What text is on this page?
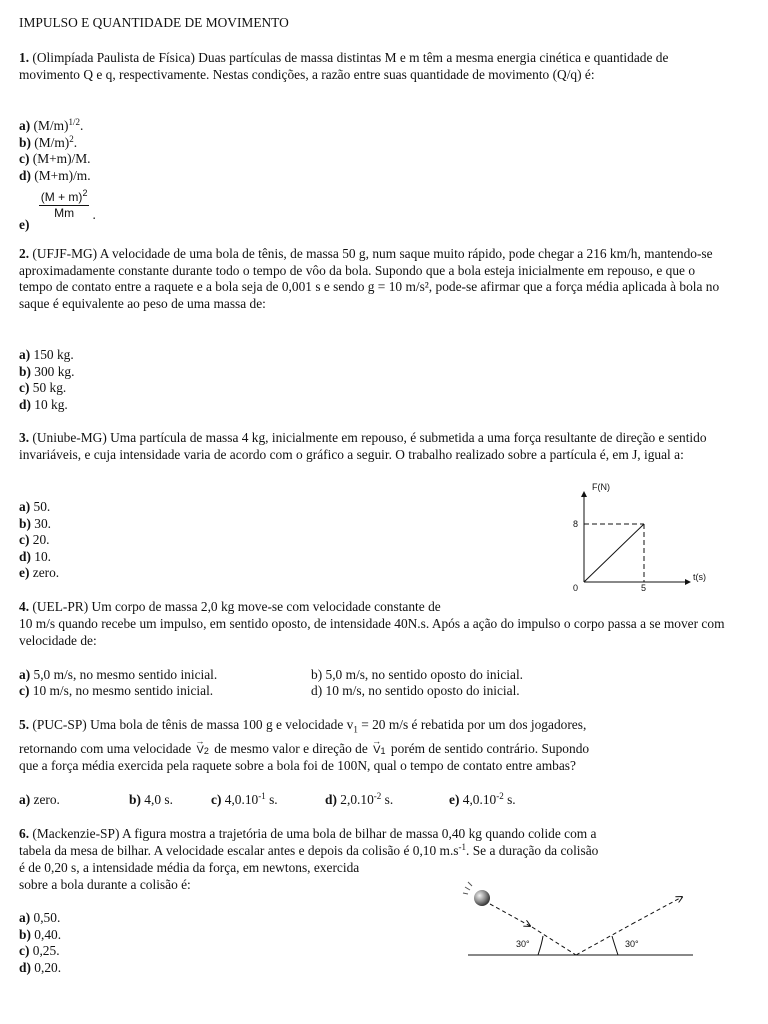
IMPULSO E QUANTIDADE DE MOVIMENTO

1. (Olimpíada Paulista de Física) Duas partículas de massa distintas M e m têm a mesma energia cinética e quantidade de movimento Q e q, respectivamente. Nestas condições, a razão entre suas quantidade de movimento (Q/q) é:

a) $(M/m)^{1/2}$.

b) $(M/m)^2$.

c) (M+m)/M.

d) (M+m)/m.

e)
$\frac{(M + m)^2}{Mm}$ .

2. (UFJF-MG) A velocidade de uma bola de tênis, de massa 50 g, num saque muito rápido, pode chegar a 216 km/h, mantendo-se aproximadamente constante durante todo o tempo de vôo da bola. Supondo que a bola esteja inicialmente em repouso, e que o tempo de contato entre a raquete e a bola seja de 0,001 s e sendo g = 10 m/s², pode-se afirmar que a força média aplicada à bola no saque é equivalente ao peso de uma massa de:

a) 150 kg.

b) 300 kg.

c) 50 kg.

d) 10 kg.

3. (Uniube-MG) Uma partícula de massa 4 kg, inicialmente em repouso, é submetida a uma força resultante de direção e sentido invariáveis, e cuja intensidade varia de acordo com o gráfico a seguir. O trabalho realizado sobre a partícula é, em J, igual a:

a) 50.

b) 30.

c) 20.

d) 10.

e) zero.

F(N)
t(s)
8
5
0

4. (UEL-PR) Um corpo de massa 2,0 kg move-se com velocidade constante de

10 m/s quando recebe um impulso, em sentido oposto, de intensidade 40N.s. Após a ação do impulso o corpo passa a se mover com velocidade de:

a) 5,0 m/s, no mesmo sentido inicial.	b) 5,0 m/s, no sentido oposto do inicial.
c) 10 m/s, no mesmo sentido inicial.	d) 10 m/s, no sentido oposto do inicial.
5. (PUC-SP) Uma bola de tênis de massa 100 g e velocidade $v_1 = 20$ m/s é rebatida por um dos jogadores,
retornando com uma velocidade →
$V_2$ de mesmo valor e direção de →
$V_1$ porém de sentido contrário. Supondo
que a força média exercida pela raquete sobre a bola foi de 100N, qual o tempo de contato entre ambas?
a) zero.	b) 4,0 s.	c) $4,0.10^{-1}$ s.	d) $2,0.10^{-2}$ s.	e) $4,0.10^{-2}$ s.
6. (Mackenzie-SP) A figura mostra a trajetória de uma bola de bilhar de massa 0,40 kg quando colide com a
tabela da mesa de bilhar. A velocidade escalar antes e depois da colisão é 0,10 $m.s^{-1}$. Se a duração da colisão
é de 0,20 s, a intensidade média da força, em newtons, exercida
sobre a bola durante a colisão é:

a) 0,50.

b) 0,40.

c) 0,25.

d) 0,20.

30°	30°
